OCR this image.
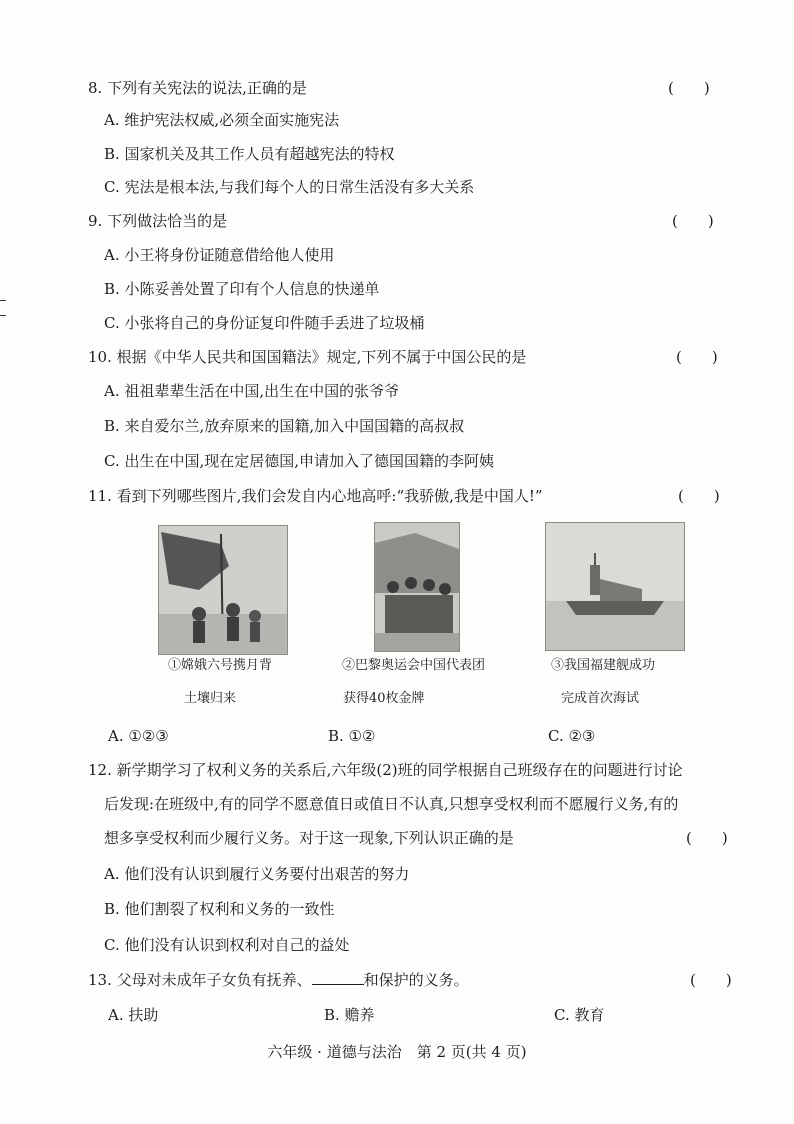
8. 下列有关宪法的说法,正确的是	(　　)
A. 维护宪法权威,必须全面实施宪法
B. 国家机关及其工作人员有超越宪法的特权
C. 宪法是根本法,与我们每个人的日常生活没有多大关系
9. 下列做法恰当的是	(　　)
A. 小王将身份证随意借给他人使用
B. 小陈妥善处置了印有个人信息的快递单
C. 小张将自己的身份证复印件随手丢进了垃圾桶
10. 根据《中华人民共和国国籍法》规定,下列不属于中国公民的是	(　　)
A. 祖祖辈辈生活在中国,出生在中国的张爷爷
B. 来自爱尔兰,放弃原来的国籍,加入中国国籍的高叔叔
C. 出生在中国,现在定居德国,申请加入了德国国籍的李阿姨
11. 看到下列哪些图片,我们会发自内心地高呼:“我骄傲,我是中国人!”	(　　)
①嫦娥六号携月背
土壤归来
②巴黎奥运会中国代表团
获得40枚金牌
③我国福建舰成功
完成首次海试
A. ①②③	B. ①②	C. ②③
12. 新学期学习了权利义务的关系后,六年级(2)班的同学根据自己班级存在的问题进行讨论
后发现:在班级中,有的同学不愿意值日或值日不认真,只想享受权利而不愿履行义务,有的
想多享受权利而少履行义务。对于这一现象,下列认识正确的是	(　　)
A. 他们没有认识到履行义务要付出艰苦的努力
B. 他们割裂了权利和义务的一致性
C. 他们没有认识到权利对自己的益处
13. 父母对未成年子女负有抚养、	和保护的义务。	(　　)
A. 扶助	B. 赡养	C. 教育
六年级 · 道德与法治　第 2 页(共 4 页)
